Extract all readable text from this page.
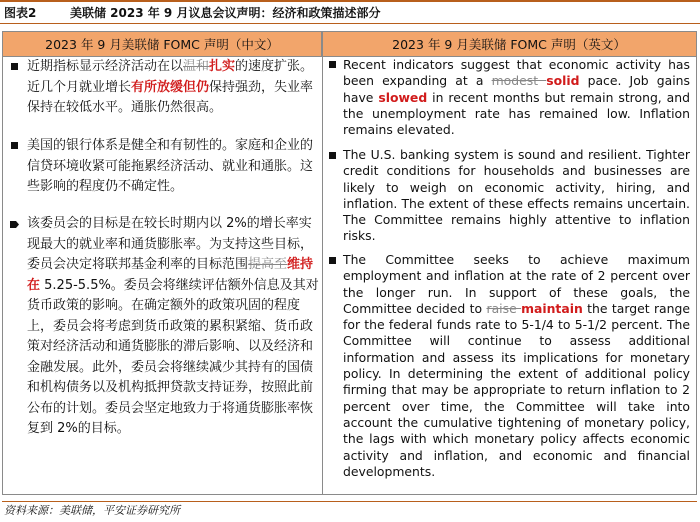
图表2	美联储 2023 年 9 月议息会议声明：经济和政策描述部分
2023 年 9 月美联储 FOMC 声明（中文）	2023 年 9 月美联储 FOMC 声明（英文）
近期指标显示经济活动在以温和扎实的速度扩张。近几个月就业增长有所放缓但仍保持强劲，失业率保持在较低水平。通胀仍然很高。
美国的银行体系是健全和有韧性的。家庭和企业的信贷环境收紧可能拖累经济活动、就业和通胀。这些影响的程度仍不确定性。
该委员会的目标是在较长时期内以 2%的增长率实现最大的就业率和通货膨胀率。为支持这些目标，委员会决定将联邦基金利率的目标范围提高至维持在 5.25-5.5%。委员会将继续评估额外信息及其对货币政策的影响。在确定额外的政策巩固的程度上，委员会将考虑到货币政策的累积紧缩、货币政策对经济活动和通货膨胀的滞后影响、以及经济和金融发展。此外，委员会将继续减少其持有的国债和机构债务以及机构抵押贷款支持证券，按照此前公布的计划。委员会坚定地致力于将通货膨胀率恢复到 2%的目标。
Recent indicators suggest that economic activity has been expanding at a modest solid pace. Job gains have slowed in recent months but remain strong, and the unemployment rate has remained low. Inflation remains elevated.
The U.S. banking system is sound and resilient. Tighter credit conditions for households and businesses are likely to weigh on economic activity, hiring, and inflation. The extent of these effects remains uncertain. The Committee remains highly attentive to inflation risks.
The Committee seeks to achieve maximum employment and inflation at the rate of 2 percent over the longer run. In support of these goals, the Committee decided to raise maintain the target range for the federal funds rate to 5-1/4 to 5-1/2 percent. The Committee will continue to assess additional information and assess its implications for monetary policy. In determining the extent of additional policy firming that may be appropriate to return inflation to 2 percent over time, the Committee will take into account the cumulative tightening of monetary policy, the lags with which monetary policy affects economic activity and inflation, and economic and financial developments.
资料来源：美联储，平安证券研究所
